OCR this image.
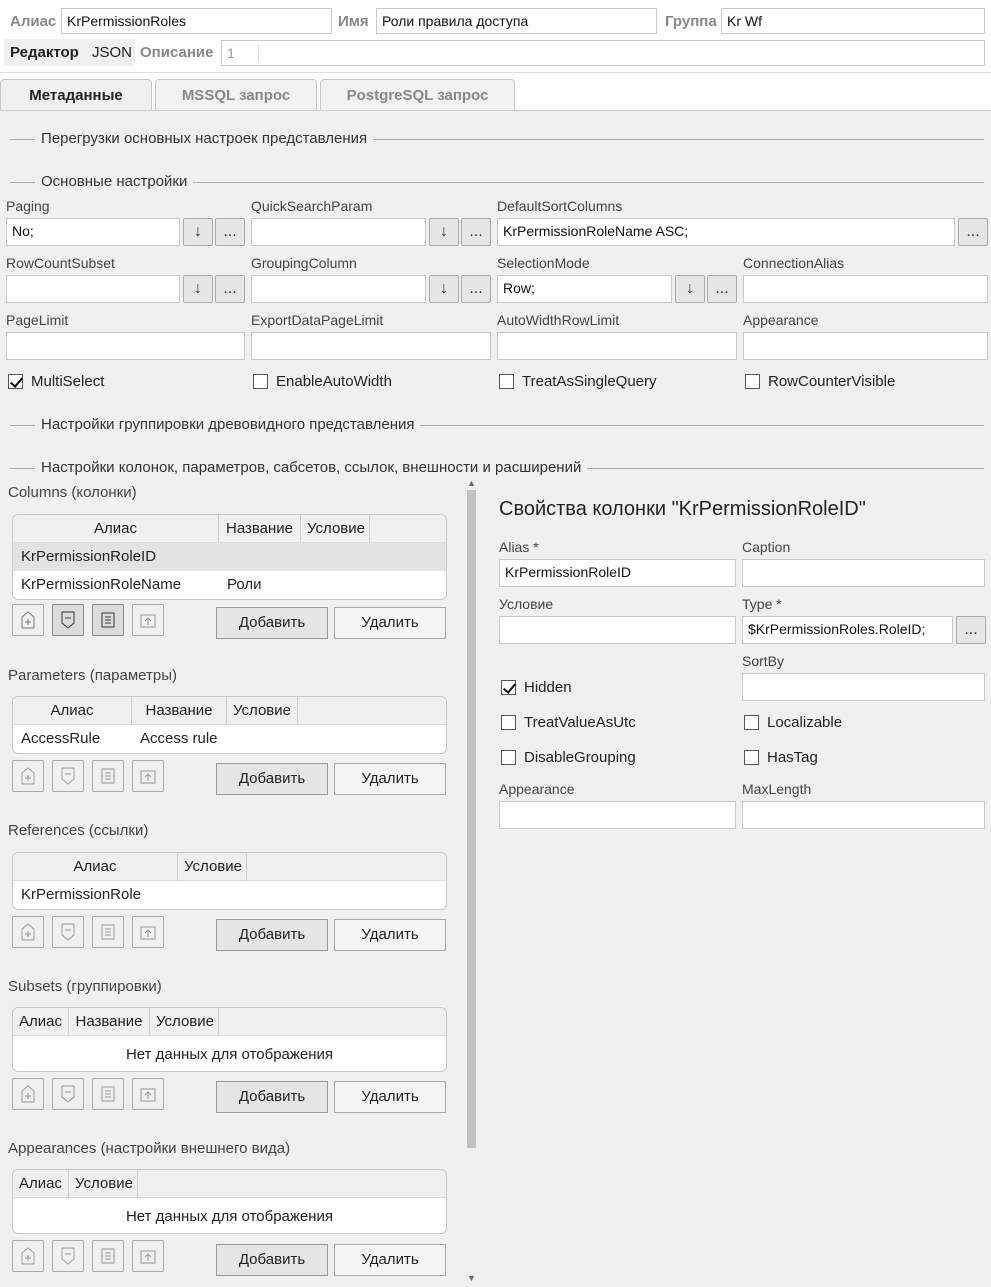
Алиас KrPermissionRoles	Имя Роли правила доступа	Группа Kr Wf
Редактор JSON Описание 1
Метаданные	MSSQL запрос	PostgreSQL запрос
Перегрузки основных настроек представления
Основные настройки
Paging
No;	↓	...
QuickSearchParam
↓	...
DefaultSortColumns
KrPermissionRoleName ASC;	...
RowCountSubset
↓	...
GroupingColumn
↓	...
SelectionMode
Row;	↓	...
ConnectionAlias
PageLimit	ExportDataPageLimit	AutoWidthRowLimit	Appearance
MultiSelect	EnableAutoWidth	TreatAsSingleQuery	RowCounterVisible
Настройки группировки древовидного представления
Настройки колонок, параметров, сабсетов, ссылок, внешности и расширений
▲
▼
Columns (колонки)
Алиас	Название Условие
KrPermissionRoleID
KrPermissionRoleName	Роли
Добавить	Удалить
Parameters (параметры)
Алиас	Название	Условие
AccessRule	Access rule
Добавить	Удалить
References (ссылки)
Алиас	Условие
KrPermissionRole
Добавить	Удалить
Subsets (группировки)
Алиас Название Условие
Нет данных для отображения
Добавить	Удалить
Appearances (настройки внешнего вида)
Алиас Условие
Нет данных для отображения
Добавить	Удалить
Свойства колонки "KrPermissionRoleID"
Alias *
KrPermissionRoleID
Caption
Условие	Type *
$KrPermissionRoles.RoleID;	...
SortBy
Hidden
TreatValueAsUtc	Localizable
DisableGrouping	HasTag
Appearance	MaxLength
